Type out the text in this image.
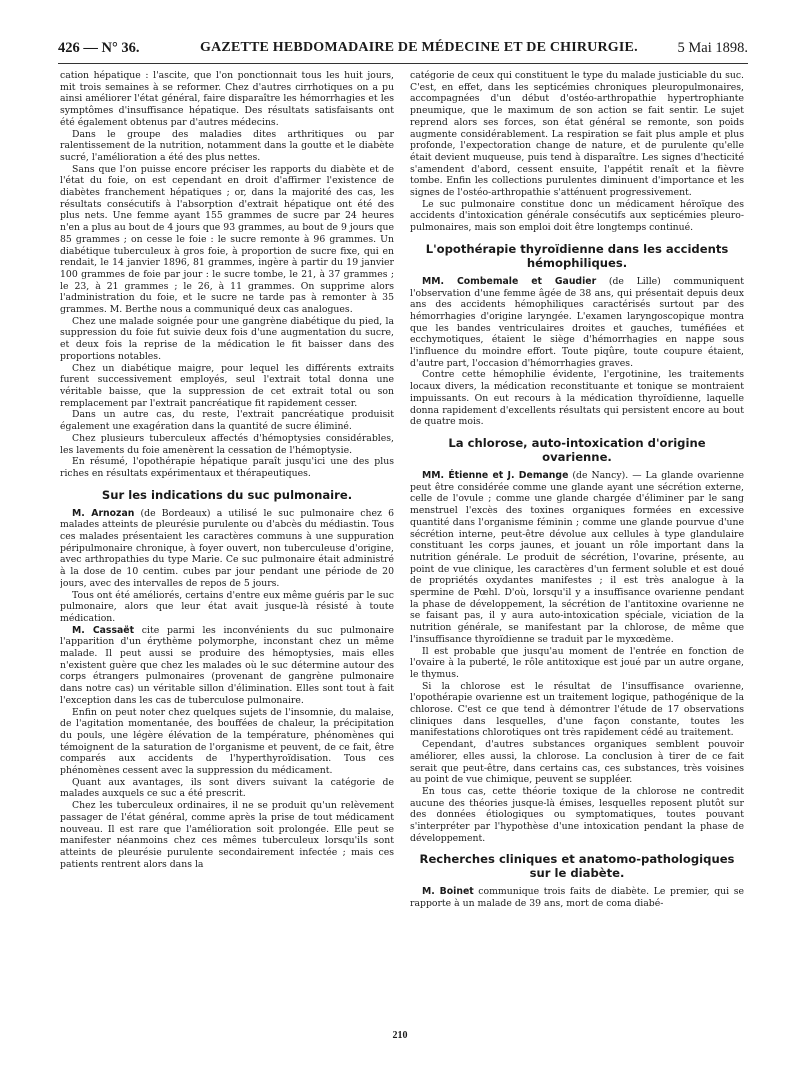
426 — N° 36.	GAZETTE HEBDOMADAIRE DE MÉDECINE ET DE CHIRURGIE.	5 Mai 1898.

cation hépatique : l'ascite, que l'on ponctionnait tous les huit jours, mit trois semaines à se reformer. Chez d'autres cirrhotiques on a pu ainsi améliorer l'état général, faire disparaître les hémorrhagies et les symptômes d'insuffisance hépatique. Des résultats satisfaisants ont été également obtenus par d'autres médecins.

Dans le groupe des maladies dites arthritiques ou par ralentissement de la nutrition, notamment dans la goutte et le diabète sucré, l'amélioration a été des plus nettes.

Sans que l'on puisse encore préciser les rapports du diabète et de l'état du foie, on est cependant en droit d'affirmer l'existence de diabètes franchement hépatiques ; or, dans la majorité des cas, les résultats consécutifs à l'absorption d'extrait hépatique ont été des plus nets. Une femme ayant 155 grammes de sucre par 24 heures n'en a plus au bout de 4 jours que 93 grammes, au bout de 9 jours que 85 grammes ; on cesse le foie : le sucre remonte à 96 grammes. Un diabétique tuberculeux à gros foie, à proportion de sucre fixe, qui en rendait, le 14 janvier 1896, 81 grammes, ingère à partir du 19 janvier 100 grammes de foie par jour : le sucre tombe, le 21, à 37 grammes ; le 23, à 21 grammes ; le 26, à 11 grammes. On supprime alors l'administration du foie, et le sucre ne tarde pas à remonter à 35 grammes. M. Berthe nous a communiqué deux cas analogues.

Chez une malade soignée pour une gangrène diabétique du pied, la suppression du foie fut suivie deux fois d'une augmentation du sucre, et deux fois la reprise de la médication le fit baisser dans des proportions notables.

Chez un diabétique maigre, pour lequel les différents extraits furent successivement employés, seul l'extrait total donna une véritable baisse, que la suppression de cet extrait total ou son remplacement par l'extrait pancréatique fit rapidement cesser.

Dans un autre cas, du reste, l'extrait pancréatique produisit également une exagération dans la quantité de sucre éliminé.

Chez plusieurs tuberculeux affectés d'hémoptysies considérables, les lavements du foie amenèrent la cessation de l'hémoptysie.

En résumé, l'opothérapie hépatique paraît jusqu'ici une des plus riches en résultats expérimentaux et thérapeutiques.

Sur les indications du suc pulmonaire.

M. Arnozan (de Bordeaux) a utilisé le suc pulmonaire chez 6 malades atteints de pleurésie purulente ou d'abcès du médiastin. Tous ces malades présentaient les caractères communs à une suppuration péripulmonaire chronique, à foyer ouvert, non tuberculeuse d'origine, avec arthropathies du type Marie. Ce suc pulmonaire était administré à la dose de 10 centim. cubes par jour pendant une période de 20 jours, avec des intervalles de repos de 5 jours.

Tous ont été améliorés, certains d'entre eux même guéris par le suc pulmonaire, alors que leur état avait jusque-là résisté à toute médication.

M. Cassaët cite parmi les inconvénients du suc pulmonaire l'apparition d'un érythème polymorphe, inconstant chez un même malade. Il peut aussi se produire des hémoptysies, mais elles n'existent guère que chez les malades où le suc détermine autour des corps étrangers pulmonaires (provenant de gangrène pulmonaire dans notre cas) un véritable sillon d'élimination. Elles sont tout à fait l'exception dans les cas de tuberculose pulmonaire.

Enfin on peut noter chez quelques sujets de l'insomnie, du malaise, de l'agitation momentanée, des bouffées de chaleur, la précipitation du pouls, une légère élévation de la température, phénomènes qui témoignent de la saturation de l'organisme et peuvent, de ce fait, être comparés aux accidents de l'hyperthyroïdisation. Tous ces phénomènes cessent avec la suppression du médicament.

Quant aux avantages, ils sont divers suivant la catégorie de malades auxquels ce suc a été prescrit.

Chez les tuberculeux ordinaires, il ne se produit qu'un relèvement passager de l'état général, comme après la prise de tout médicament nouveau. Il est rare que l'amélioration soit prolongée. Elle peut se manifester néanmoins chez ces mêmes tuberculeux lorsqu'ils sont atteints de pleurésie purulente secondairement infectée ; mais ces patients rentrent alors dans la

catégorie de ceux qui constituent le type du malade justiciable du suc. C'est, en effet, dans les septicémies chroniques pleuropulmonaires, accompagnées d'un début d'ostéo-arthropathie hypertrophiante pneumique, que le maximum de son action se fait sentir. Le sujet reprend alors ses forces, son état général se remonte, son poids augmente considérablement. La respiration se fait plus ample et plus profonde, l'expectoration change de nature, et de purulente qu'elle était devient muqueuse, puis tend à disparaître. Les signes d'hecticité s'amendent d'abord, cessent ensuite, l'appétit renaît et la fièvre tombe. Enfin les collections purulentes diminuent d'importance et les signes de l'ostéo-arthropathie s'atténuent progressivement.

Le suc pulmonaire constitue donc un médicament héroïque des accidents d'intoxication générale consécutifs aux septicémies pleuro-pulmonaires, mais son emploi doit être longtemps continué.

L'opothérapie thyroïdienne dans les accidents hémophiliques.

MM. Combemale et Gaudier (de Lille) communiquent l'observation d'une femme âgée de 38 ans, qui présentait depuis deux ans des accidents hémophiliques caractérisés surtout par des hémorrhagies d'origine laryngée. L'examen laryngoscopique montra que les bandes ventriculaires droites et gauches, tuméfiées et ecchymotiques, étaient le siège d'hémorrhagies en nappe sous l'influence du moindre effort. Toute piqûre, toute coupure étaient, d'autre part, l'occasion d'hémorrhagies graves.

Contre cette hémophilie évidente, l'ergotinine, les traitements locaux divers, la médication reconstituante et tonique se montraient impuissants. On eut recours à la médication thyroïdienne, laquelle donna rapidement d'excellents résultats qui persistent encore au bout de quatre mois.

La chlorose, auto-intoxication d'origine ovarienne.

MM. Étienne et J. Demange (de Nancy). — La glande ovarienne peut être considérée comme une glande ayant une sécrétion externe, celle de l'ovule ; comme une glande chargée d'éliminer par le sang menstruel l'excès des toxines organiques formées en excessive quantité dans l'organisme féminin ; comme une glande pourvue d'une sécrétion interne, peut-être dévolue aux cellules à type glandulaire constituant les corps jaunes, et jouant un rôle important dans la nutrition générale. Le produit de sécrétion, l'ovarine, présente, au point de vue clinique, les caractères d'un ferment soluble et est doué de propriétés oxydantes manifestes ; il est très analogue à la spermine de Pœhl. D'où, lorsqu'il y a insuffisance ovarienne pendant la phase de développement, la sécrétion de l'antitoxine ovarienne ne se faisant pas, il y aura auto-intoxication spéciale, viciation de la nutrition générale, se manifestant par la chlorose, de même que l'insuffisance thyroïdienne se traduit par le myxœdème.

Il est probable que jusqu'au moment de l'entrée en fonction de l'ovaire à la puberté, le rôle antitoxique est joué par un autre organe, le thymus.

Si la chlorose est le résultat de l'insuffisance ovarienne, l'opothérapie ovarienne est un traitement logique, pathogénique de la chlorose. C'est ce que tend à démontrer l'étude de 17 observations cliniques dans lesquelles, d'une façon constante, toutes les manifestations chlorotiques ont très rapidement cédé au traitement.

Cependant, d'autres substances organiques semblent pouvoir améliorer, elles aussi, la chlorose. La conclusion à tirer de ce fait serait que peut-être, dans certains cas, ces substances, très voisines au point de vue chimique, peuvent se suppléer.

En tous cas, cette théorie toxique de la chlorose ne contredit aucune des théories jusque-là émises, lesquelles reposent plutôt sur des données étiologiques ou symptomatiques, toutes pouvant s'interpréter par l'hypothèse d'une intoxication pendant la phase de développement.

Recherches cliniques et anatomo-pathologiques sur le diabète.

M. Boinet communique trois faits de diabète. Le premier, qui se rapporte à un malade de 39 ans, mort de coma diabé-

210
